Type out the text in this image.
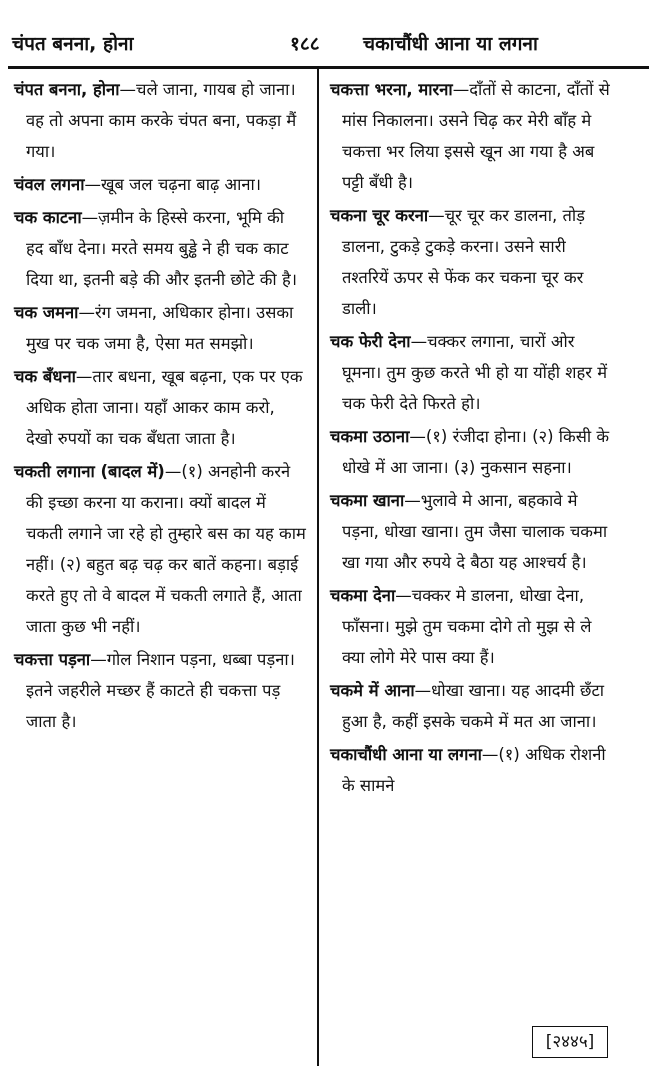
चंपत बनना, होना	१८८ चकाचौंधी आना या लगना
चंपत बनना, होना—चले जाना, गायब हो जाना। वह तो अपना काम करके चंपत बना, पकड़ा मैं गया।
चंवल लगना—खूब जल चढ़ना बाढ़ आना।
चक काटना—ज़मीन के हिस्से करना, भूमि की हद बाँध देना। मरते समय बुड्ढे ने ही चक काट दिया था, इतनी बड़े की और इतनी छोटे की है।
चक जमना—रंग जमना, अधिकार होना। उसका मुख पर चक जमा है, ऐसा मत समझो।
चक बँधना—तार बधना, खूब बढ़ना, एक पर एक अधिक होता जाना। यहाँ आकर काम करो, देखो रुपयों का चक बँधता जाता है।
चकती लगाना (बादल में)—(१) अनहोनी करने की इच्छा करना या कराना। क्यों बादल में चकती लगाने जा रहे हो तुम्हारे बस का यह काम नहीं। (२) बहुत बढ़ चढ़ कर बातें कहना। बड़ाई करते हुए तो वे बादल में चकती लगाते हैं, आता जाता कुछ भी नहीं।
चकत्ता पड़ना—गोल निशान पड़ना, धब्बा पड़ना। इतने जहरीले मच्छर हैं काटते ही चकत्ता पड़ जाता है।
चकत्ता भरना, मारना—दाँतों से काटना, दाँतों से मांस निकालना। उसने चिढ़ कर मेरी बाँह मे चकत्ता भर लिया इससे खून आ गया है अब पट्टी बँधी है।
चकना चूर करना—चूर चूर कर डालना, तोड़ डालना, टुकड़े टुकड़े करना। उसने सारी तश्तरियें ऊपर से फेंक कर चकना चूर कर डाली।
चक फेरी देना—चक्कर लगाना, चारों ओर घूमना। तुम कुछ करते भी हो या योंही शहर में चक फेरी देते फिरते हो।
चकमा उठाना—(१) रंजीदा होना। (२) किसी के धोखे में आ जाना। (३) नुकसान सहना।
चकमा खाना—भुलावे मे आना, बहकावे मे पड़ना, धोखा खाना। तुम जैसा चालाक चकमा खा गया और रुपये दे बैठा यह आश्चर्य है।
चकमा देना—चक्कर मे डालना, धोखा देना, फाँसना। मुझे तुम चकमा दोगे तो मुझ से ले क्या लोगे मेरे पास क्या हैं।
चकमे में आना—धोखा खाना। यह आदमी छँटा हुआ है, कहीं इसके चकमे में मत आ जाना।
चकाचौंधी आना या लगना—(१) अधिक रोशनी के सामने
[२४४५]
